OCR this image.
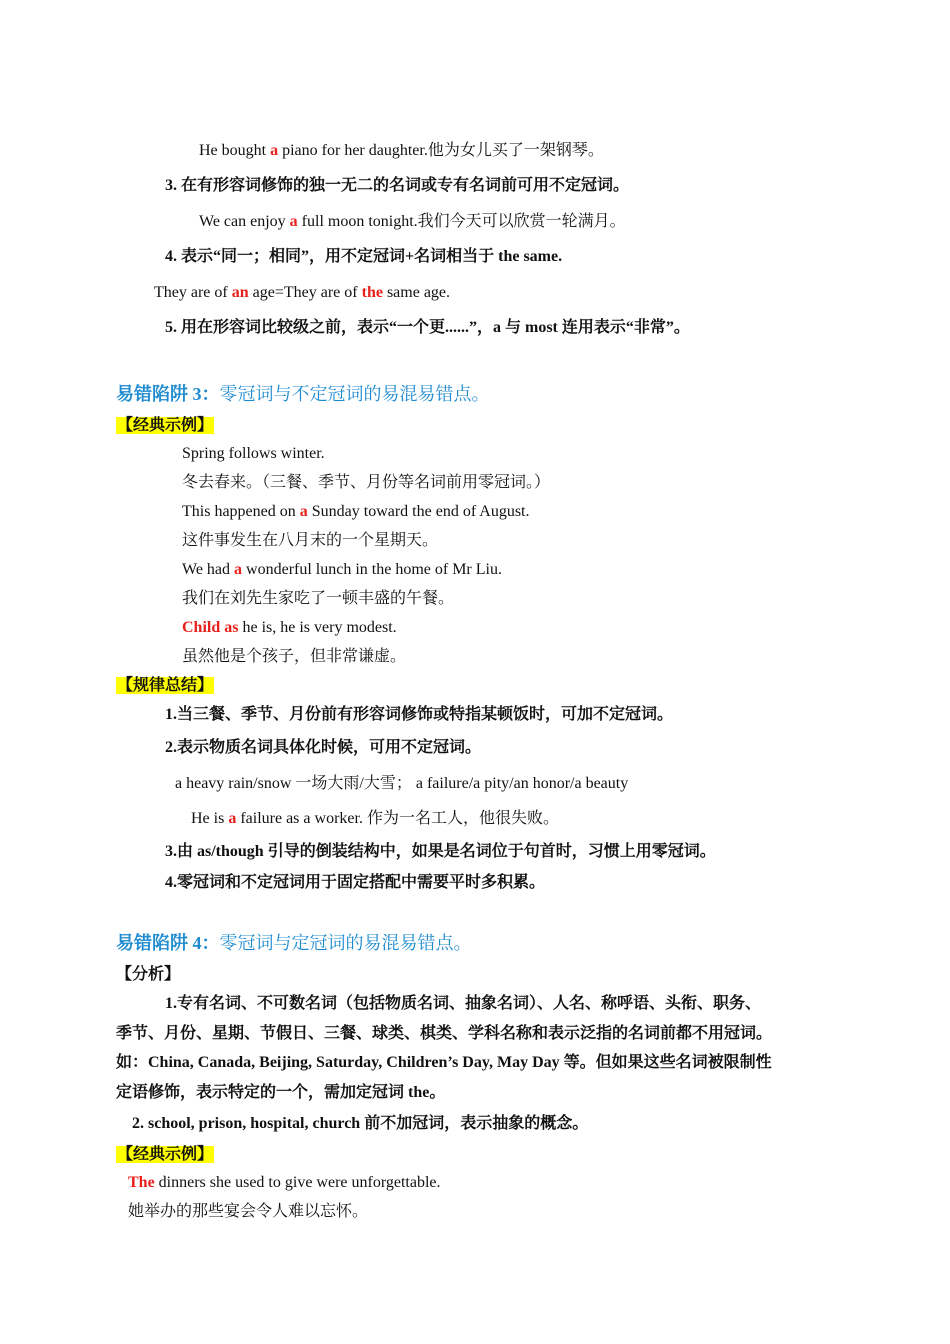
He bought a piano for her daughter.他为女儿买了一架钢琴。
3. 在有形容词修饰的独一无二的名词或专有名词前可用不定冠词。
We can enjoy a full moon tonight.我们今天可以欣赏一轮满月。
4. 表示“同一；相同”，用不定冠词+名词相当于 the same.
They are of an age=They are of the same age.
5. 用在形容词比较级之前，表示“一个更......”，a 与 most 连用表示“非常”。
易错陷阱 3：零冠词与不定冠词的易混易错点。
【经典示例】
Spring follows winter.
冬去春来。（三餐、季节、月份等名词前用零冠词。）
This happened on a Sunday toward the end of August.
这件事发生在八月末的一个星期天。
We had a wonderful lunch in the home of Mr Liu.
我们在刘先生家吃了一顿丰盛的午餐。
Child as he is, he is very modest.
虽然他是个孩子，但非常谦虚。
【规律总结】
1.当三餐、季节、月份前有形容词修饰或特指某顿饭时，可加不定冠词。
2.表示物质名词具体化时候，可用不定冠词。
a heavy rain/snow 一场大雨/大雪； a failure/a pity/an honor/a beauty
He is a failure as a worker. 作为一名工人，他很失败。
3.由 as/though 引导的倒装结构中，如果是名词位于句首时，习惯上用零冠词。
4.零冠词和不定冠词用于固定搭配中需要平时多积累。
易错陷阱 4：零冠词与定冠词的易混易错点。
【分析】
1.专有名词、不可数名词（包括物质名词、抽象名词）、人名、称呼语、头衔、职务、
季节、月份、星期、节假日、三餐、球类、棋类、学科名称和表示泛指的名词前都不用冠词。
如：China, Canada, Beijing, Saturday, Children’s Day, May Day 等。但如果这些名词被限制性
定语修饰，表示特定的一个，需加定冠词 the。
2. school, prison, hospital, church 前不加冠词，表示抽象的概念。
【经典示例】
The dinners she used to give were unforgettable.
她举办的那些宴会令人难以忘怀。
